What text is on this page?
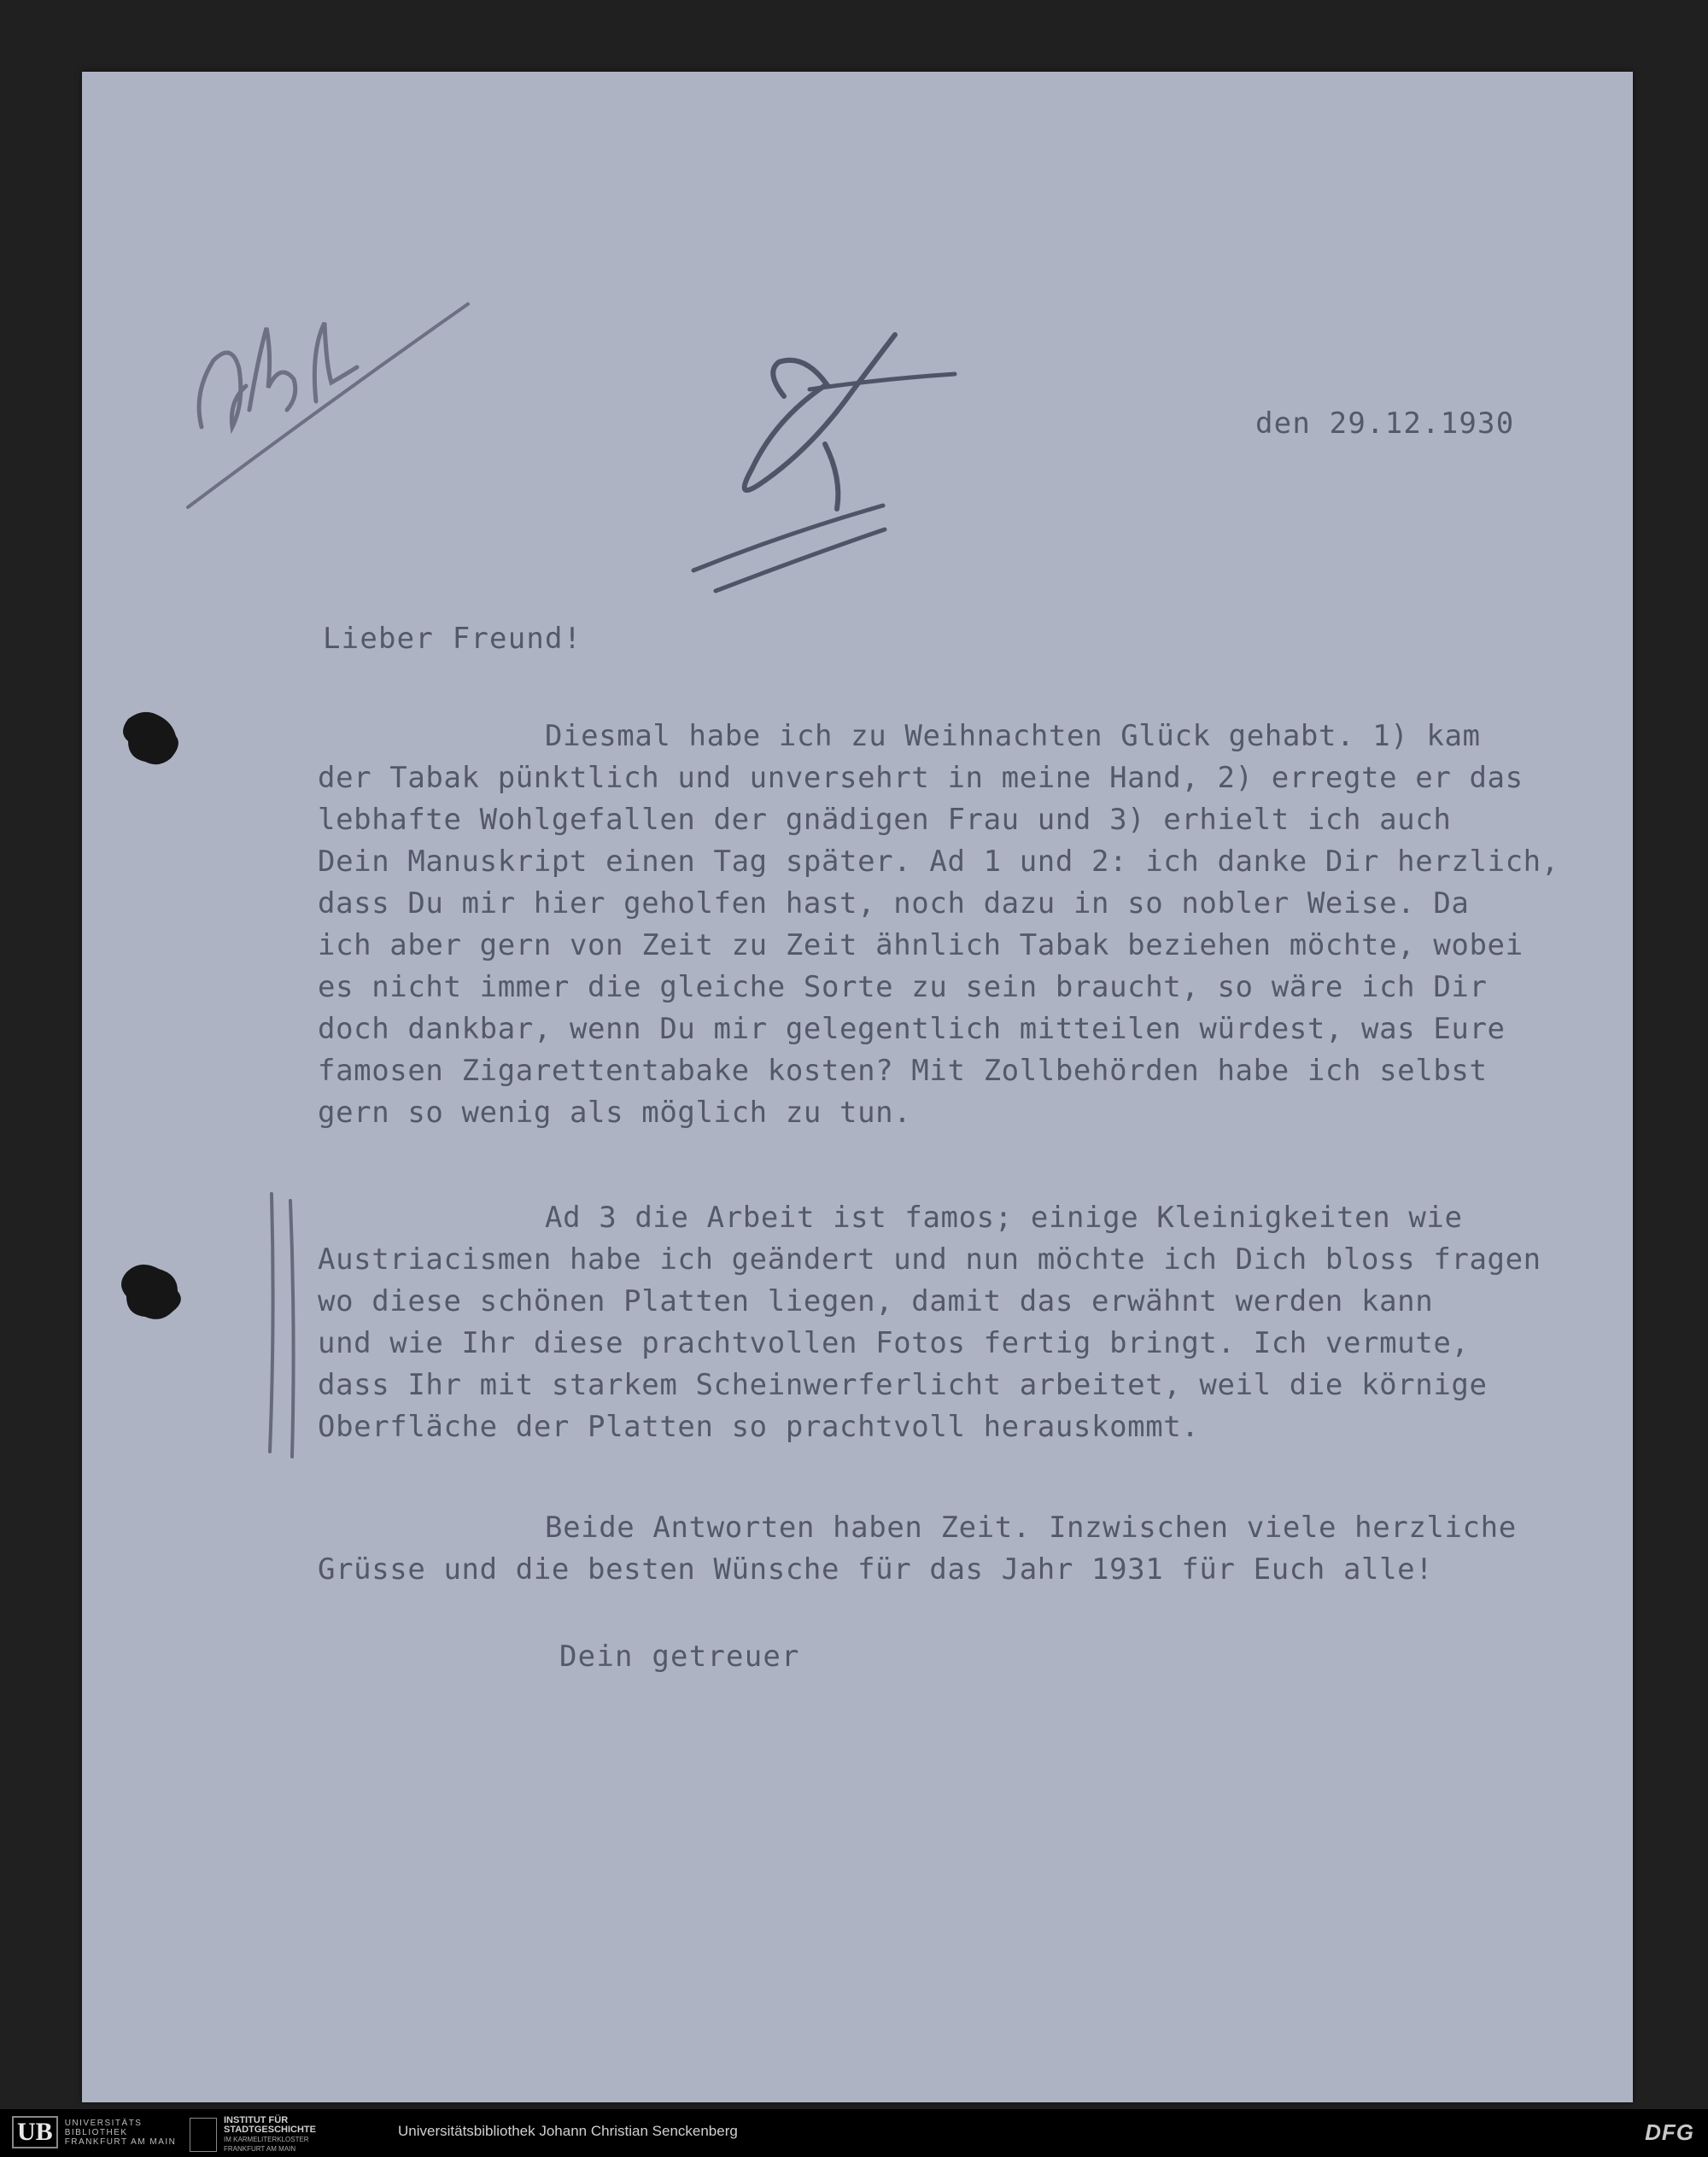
den 29.12.1930
Lieber Freund!
Diesmal habe ich zu Weihnachten Glück gehabt. 1) kam
der Tabak pünktlich und unversehrt in meine Hand, 2) erregte er das
lebhafte Wohlgefallen der gnädigen Frau und 3) erhielt ich auch
Dein Manuskript einen Tag später. Ad 1 und 2: ich danke Dir herzlich,
dass Du mir hier geholfen hast, noch dazu in so nobler Weise. Da
ich aber gern von Zeit zu Zeit ähnlich Tabak beziehen möchte, wobei
es nicht immer die gleiche Sorte zu sein braucht, so wäre ich Dir
doch dankbar, wenn Du mir gelegentlich mitteilen würdest, was Eure
famosen Zigarettentabake kosten? Mit Zollbehörden habe ich selbst
gern so wenig als möglich zu tun.
Ad 3 die Arbeit ist famos; einige Kleinigkeiten wie
Austriacismen habe ich geändert und nun möchte ich Dich bloss fragen
wo diese schönen Platten liegen, damit das erwähnt werden kann
und wie Ihr diese prachtvollen Fotos fertig bringt. Ich vermute,
dass Ihr mit starkem Scheinwerferlicht arbeitet, weil die körnige
Oberfläche der Platten so prachtvoll herauskommt.
Beide Antworten haben Zeit. Inzwischen viele herzliche
Grüsse und die besten Wünsche für das Jahr 1931 für Euch alle!
Dein getreuer
UB	UNIVERSITÄTS
BIBLIOTHEK
FRANKFURT AM MAIN
INSTITUT FÜR
STADTGESCHICHTE
IM KARMELITERKLOSTER
FRANKFURT AM MAIN
Universitätsbibliothek Johann Christian Senckenberg	DFG
